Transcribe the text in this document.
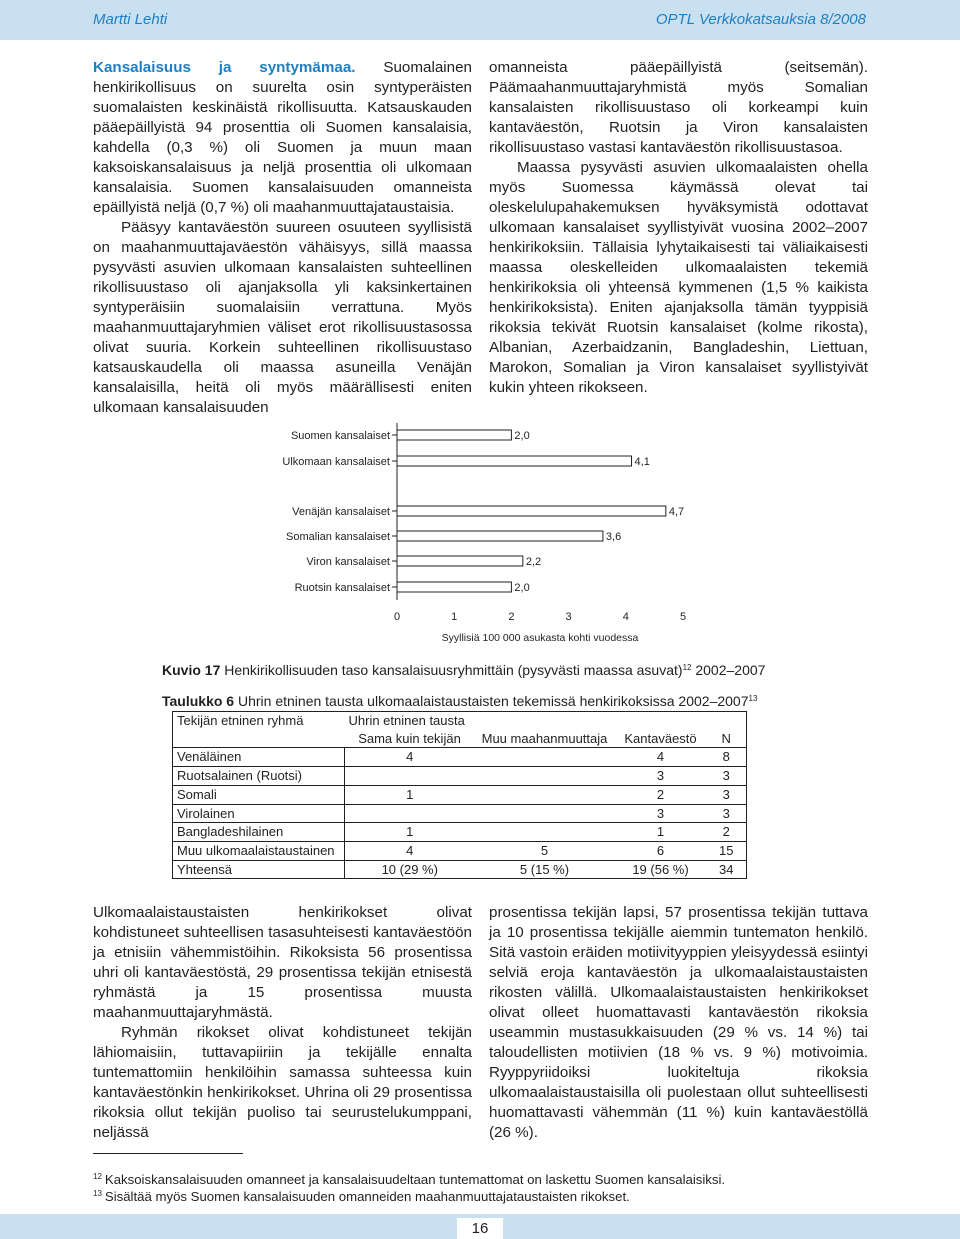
Martti Lehti	OPTL Verkkokatsauksia 8/2008

Kansalaisuus ja syntymämaa. Suomalainen henkirikollisuus on suurelta osin syntyperäisten suomalaisten keskinäistä rikollisuutta. Katsauskauden pääepäillyistä 94 prosenttia oli Suomen kansalaisia, kahdella (0,3 %) oli Suomen ja muun maan kaksoiskansalaisuus ja neljä prosenttia oli ulkomaan kansalaisia. Suomen kansalaisuuden omanneista epäillyistä neljä (0,7 %) oli maahanmuuttajataustaisia.

Pääsyy kantaväestön suureen osuuteen syyllisistä on maahanmuuttajaväestön vähäisyys, sillä maassa pysyvästi asuvien ulkomaan kansalaisten suhteellinen rikollisuustaso oli ajanjaksolla yli kaksinkertainen syntyperäisiin suomalaisiin verrattuna. Myös maahanmuuttajaryhmien väliset erot rikollisuustasossa olivat suuria. Korkein suhteellinen rikollisuustaso katsauskaudella oli maassa asuneilla Venäjän kansalaisilla, heitä oli myös määrällisesti eniten ulkomaan kansalaisuuden

omanneista pääepäillyistä (seitsemän). Päämaahanmuuttajaryhmistä myös Somalian kansalaisten rikollisuustaso oli korkeampi kuin kantaväestön, Ruotsin ja Viron kansalaisten rikollisuustaso vastasi kantaväestön rikollisuustasoa.

Maassa pysyvästi asuvien ulkomaalaisten ohella myös Suomessa käymässä olevat tai oleskelulupahakemuksen hyväksymistä odottavat ulkomaan kansalaiset syyllistyivät vuosina 2002–2007 henkirikoksiin. Tällaisia lyhytaikaisesti tai väliaikaisesti maassa oleskelleiden ulkomaalaisten tekemiä henkirikoksia oli yhteensä kymmenen (1,5 % kaikista henkirikoksista). Eniten ajanjaksolla tämän tyyppisiä rikoksia tekivät Ruotsin kansalaiset (kolme rikosta), Albanian, Azerbaidzanin, Bangladeshin, Liettuan, Marokon, Somalian ja Viron kansalaiset syyllistyivät kukin yhteen rikokseen.

Suomen kansalaiset	2,0
Ulkomaan kansalaiset	4,1
Venäjän kansalaiset	4,7
Somalian kansalaiset	3,6
Viron kansalaiset	2,2
Ruotsin kansalaiset	2,0
0	1	2	3	4	5
Syyllisiä 100 000 asukasta kohti vuodessa
Kuvio 17 Henkirikollisuuden taso kansalaisuusryhmittäin (pysyvästi maassa asuvat)$^{12}$ 2002–2007
Taulukko 6 Uhrin etninen tausta ulkomaalaistaustaisten tekemissä henkirikoksissa 2002–2007$^{13}$
Tekijän etninen ryhmä	Uhrin etninen tausta			
	Sama kuin tekijän	Muu maahanmuuttaja	Kantaväestö	N
Venäläinen	4		4	8
Ruotsalainen (Ruotsi)			3	3
Somali	1		2	3
Virolainen			3	3
Bangladeshilainen	1		1	2
Muu ulkomaalaistaustainen	4	5	6	15
Yhteensä	10 (29 %)	5 (15 %)	19 (56 %)	34

Ulkomaalaistaustaisten henkirikokset olivat kohdistuneet suhteellisen tasasuhteisesti kantaväestöön ja etnisiin vähemmistöihin. Rikoksista 56 prosentissa uhri oli kantaväestöstä, 29 prosentissa tekijän etnisestä ryhmästä ja 15 prosentissa muusta maahanmuuttajaryhmästä.

Ryhmän rikokset olivat kohdistuneet tekijän lähiomaisiin, tuttavapiiriin ja tekijälle ennalta tuntemattomiin henkilöihin samassa suhteessa kuin kantaväestönkin henkirikokset. Uhrina oli 29 prosentissa rikoksia ollut tekijän puoliso tai seurustelukumppani, neljässä

prosentissa tekijän lapsi, 57 prosentissa tekijän tuttava ja 10 prosentissa tekijälle aiemmin tuntematon henkilö. Sitä vastoin eräiden motiivityyppien yleisyydessä esiintyi selviä eroja kantaväestön ja ulkomaalaistaustaisten rikosten välillä. Ulkomaalaistaustaisten henkirikokset olivat olleet huomattavasti kantaväestön rikoksia useammin mustasukkaisuuden (29 % vs. 14 %) tai taloudellisten motiivien (18 % vs. 9 %) motivoimia. Ryyppyriidoiksi luokiteltuja rikoksia ulkomaalaistaustaisilla oli puolestaan ollut suhteellisesti huomattavasti vähemmän (11 %) kuin kantaväestöllä (26 %).

$^{12}$ Kaksoiskansalaisuuden omanneet ja kansalaisuudeltaan tuntemattomat on laskettu Suomen kansalaisiksi.
$^{13}$ Sisältää myös Suomen kansalaisuuden omanneiden maahanmuuttajataustaisten rikokset.
16
